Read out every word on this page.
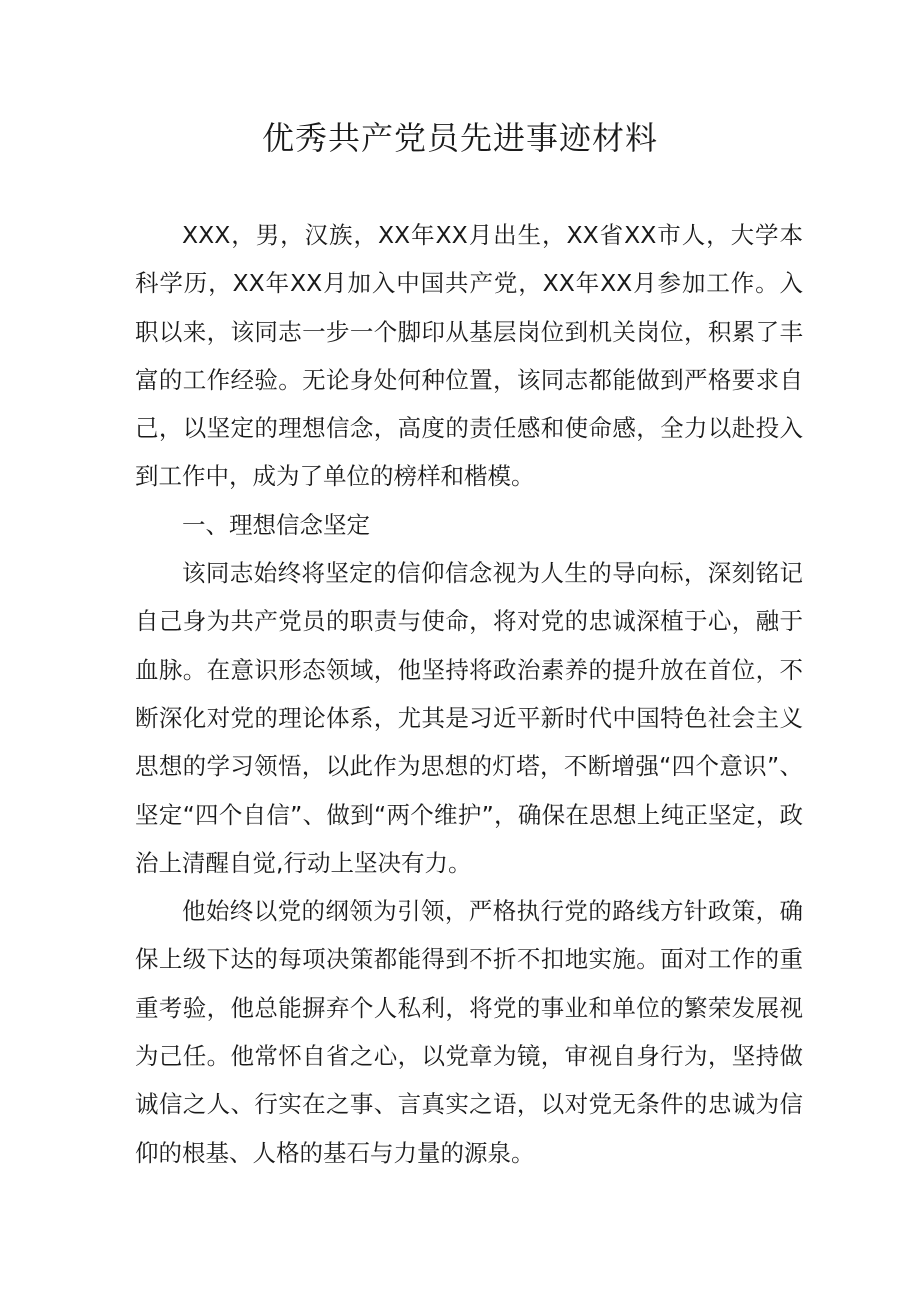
优秀共产党员先进事迹材料

XXX，男，汉族，XX年XX月出生，XX省XX市人，大学本科学历，XX年XX月加入中国共产党，XX年XX月参加工作。入职以来，该同志一步一个脚印从基层岗位到机关岗位，积累了丰富的工作经验。无论身处何种位置，该同志都能做到严格要求自己，以坚定的理想信念，高度的责任感和使命感，全力以赴投入到工作中，成为了单位的榜样和楷模。

一、理想信念坚定

该同志始终将坚定的信仰信念视为人生的导向标，深刻铭记自己身为共产党员的职责与使命，将对党的忠诚深植于心，融于血脉。在意识形态领域，他坚持将政治素养的提升放在首位，不断深化对党的理论体系，尤其是习近平新时代中国特色社会主义思想的学习领悟，以此作为思想的灯塔，不断增强“四个意识”、坚定“四个自信”、做到“两个维护”，确保在思想上纯正坚定，政治上清醒自觉,行动上坚决有力。

他始终以党的纲领为引领，严格执行党的路线方针政策，确保上级下达的每项决策都能得到不折不扣地实施。面对工作的重重考验，他总能摒弃个人私利，将党的事业和单位的繁荣发展视为己任。他常怀自省之心，以党章为镜，审视自身行为，坚持做诚信之人、行实在之事、言真实之语，以对党无条件的忠诚为信仰的根基、人格的基石与力量的源泉。
